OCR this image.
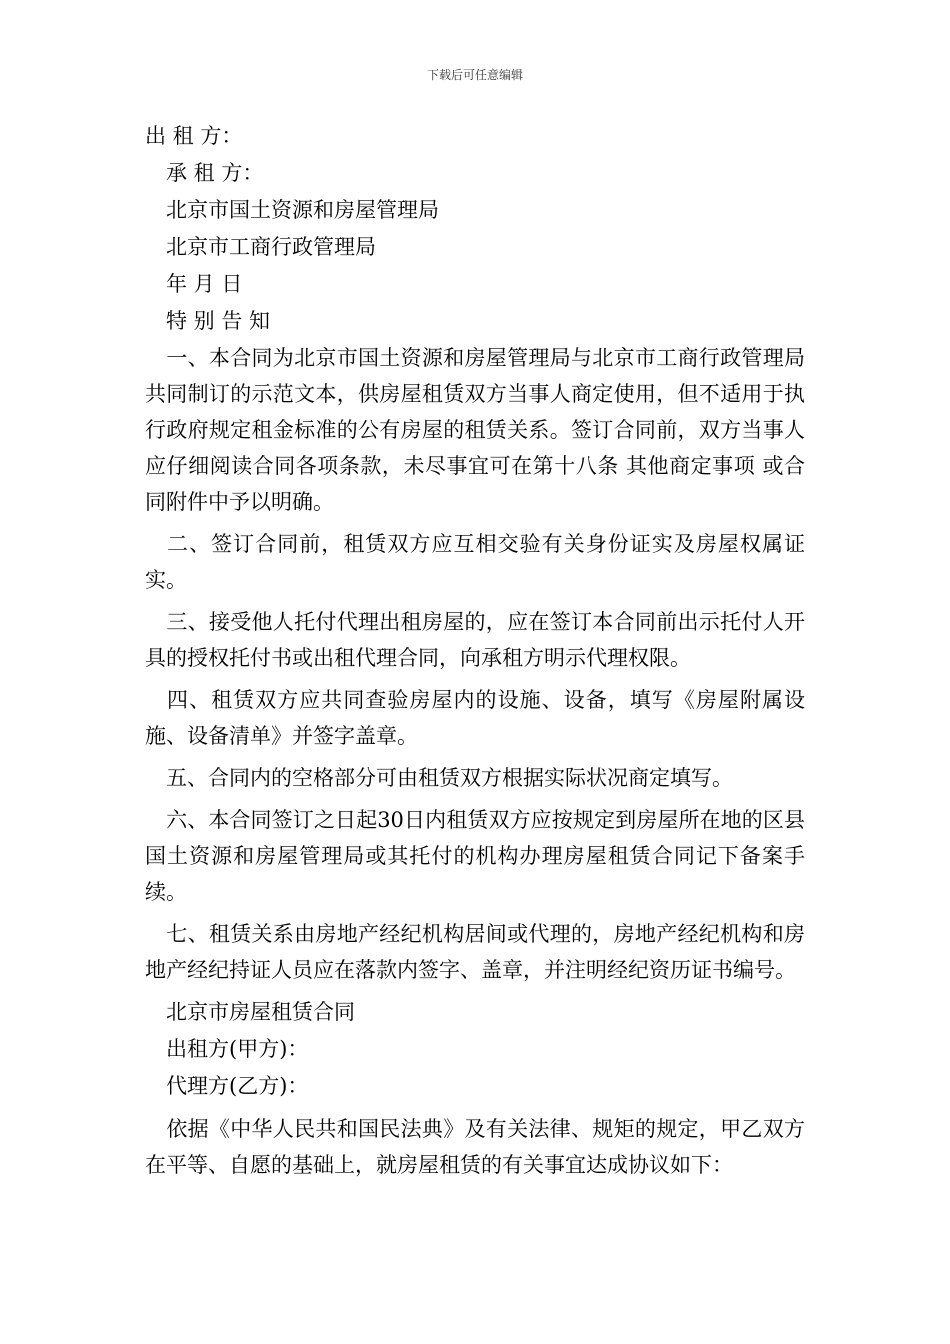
下载后可任意编辑
出 租 方：
承 租 方：
北京市国土资源和房屋管理局
北京市工商行政管理局
年 月 日
特 别 告 知

　一、本合同为北京市国土资源和房屋管理局与北京市工商行政管理局共同制订的示范文本，供房屋租赁双方当事人商定使用，但不适用于执行政府规定租金标准的公有房屋的租赁关系。签订合同前，双方当事人应仔细阅读合同各项条款，未尽事宜可在第十八条 其他商定事项 或合同附件中予以明确。

　二、签订合同前，租赁双方应互相交验有关身份证实及房屋权属证实。

　三、接受他人托付代理出租房屋的，应在签订本合同前出示托付人开具的授权托付书或出租代理合同，向承租方明示代理权限。

　四、租赁双方应共同查验房屋内的设施、设备，填写《房屋附属设施、设备清单》并签字盖章。

　五、合同内的空格部分可由租赁双方根据实际状况商定填写。

　六、本合同签订之日起30日内租赁双方应按规定到房屋所在地的区县国土资源和房屋管理局或其托付的机构办理房屋租赁合同记下备案手续。

　七、租赁关系由房地产经纪机构居间或代理的，房地产经纪机构和房地产经纪持证人员应在落款内签字、盖章，并注明经纪资历证书编号。

北京市房屋租赁合同
出租方(甲方)：
代理方(乙方)：

　依据《中华人民共和国民法典》及有关法律、规矩的规定，甲乙双方在平等、自愿的基础上，就房屋租赁的有关事宜达成协议如下：
